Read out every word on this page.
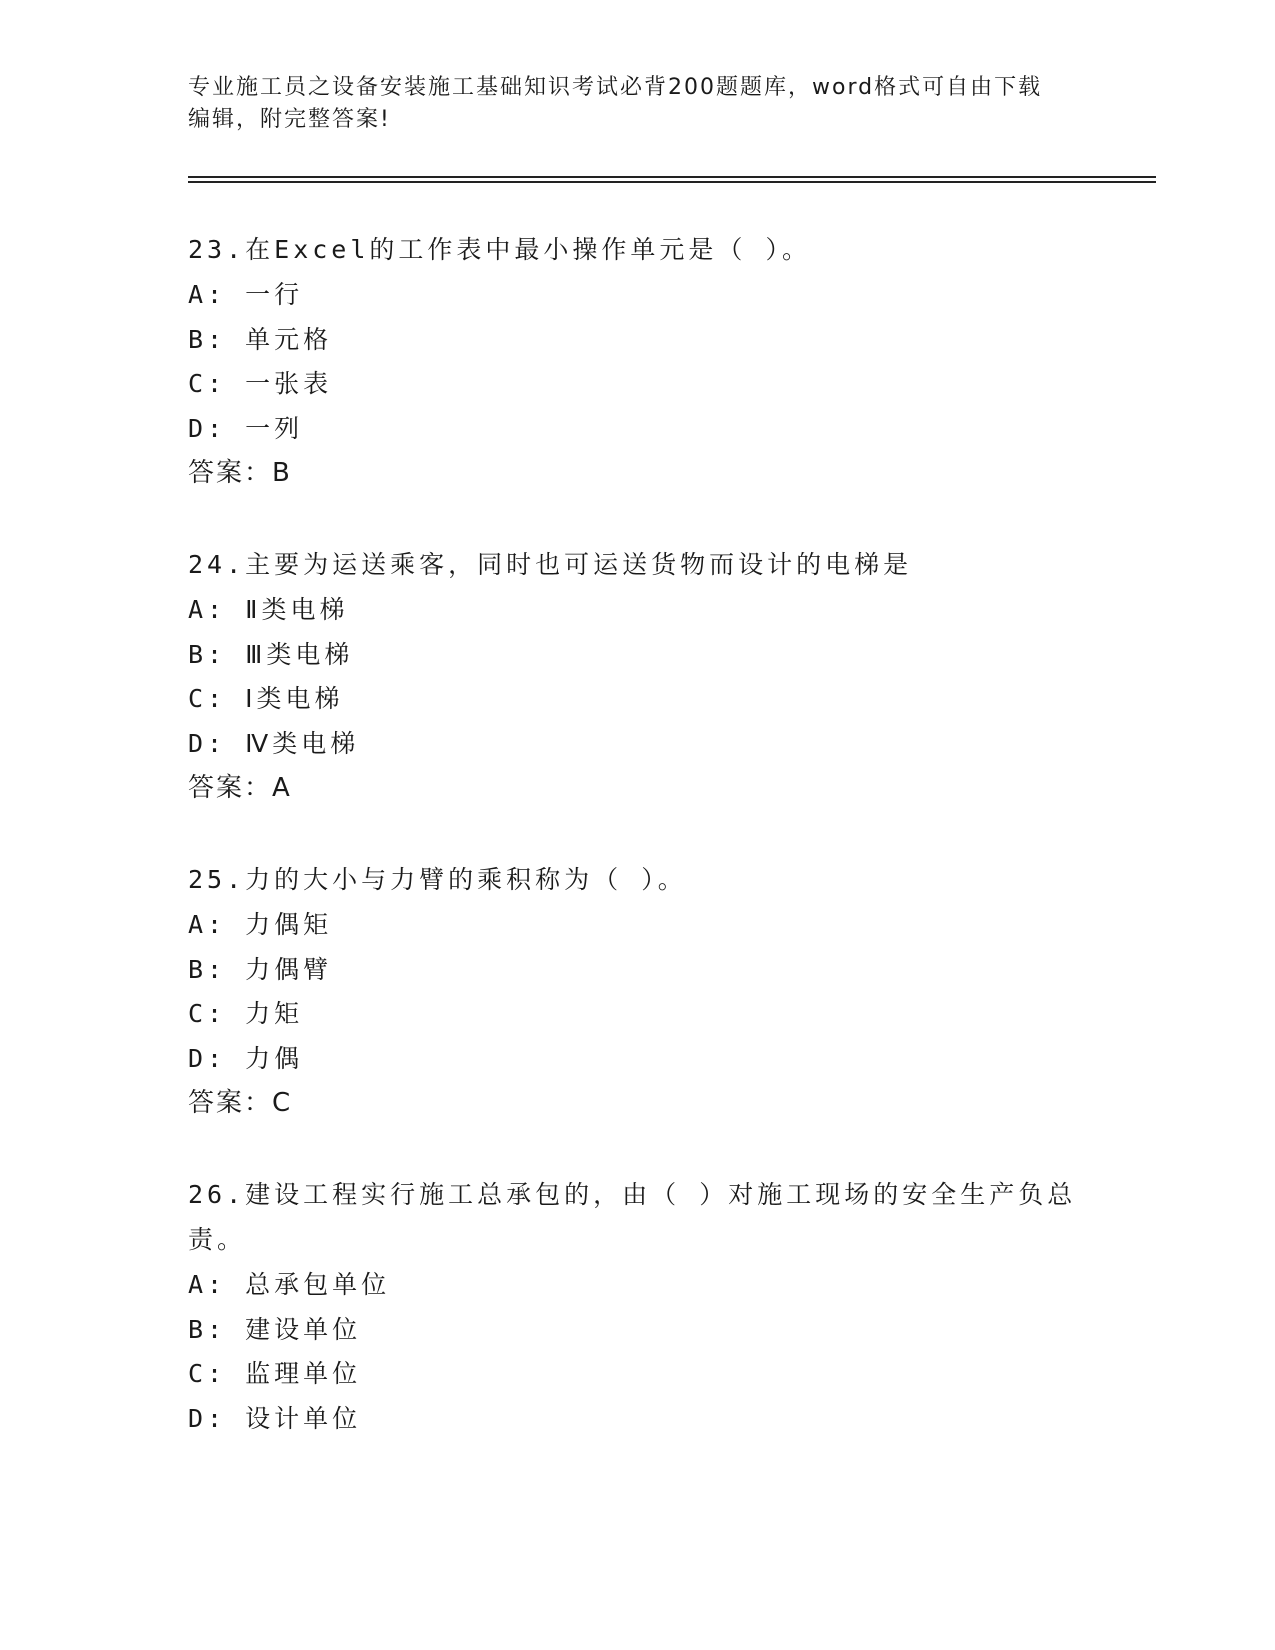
专业施工员之设备安装施工基础知识考试必背200题题库，word格式可自由下载
编辑，附完整答案!
23.在Excel的工作表中最小操作单元是（ ）。
A: 一行
B: 单元格
C: 一张表
D: 一列
答案：B
24.主要为运送乘客，同时也可运送货物而设计的电梯是
A: Ⅱ类电梯
B: Ⅲ类电梯
C: Ⅰ类电梯
D: Ⅳ类电梯
答案：A
25.力的大小与力臂的乘积称为（ ）。
A: 力偶矩
B: 力偶臂
C: 力矩
D: 力偶
答案：C
26.建设工程实行施工总承包的，由（ ）对施工现场的安全生产负总
责。
A: 总承包单位
B: 建设单位
C: 监理单位
D: 设计单位
